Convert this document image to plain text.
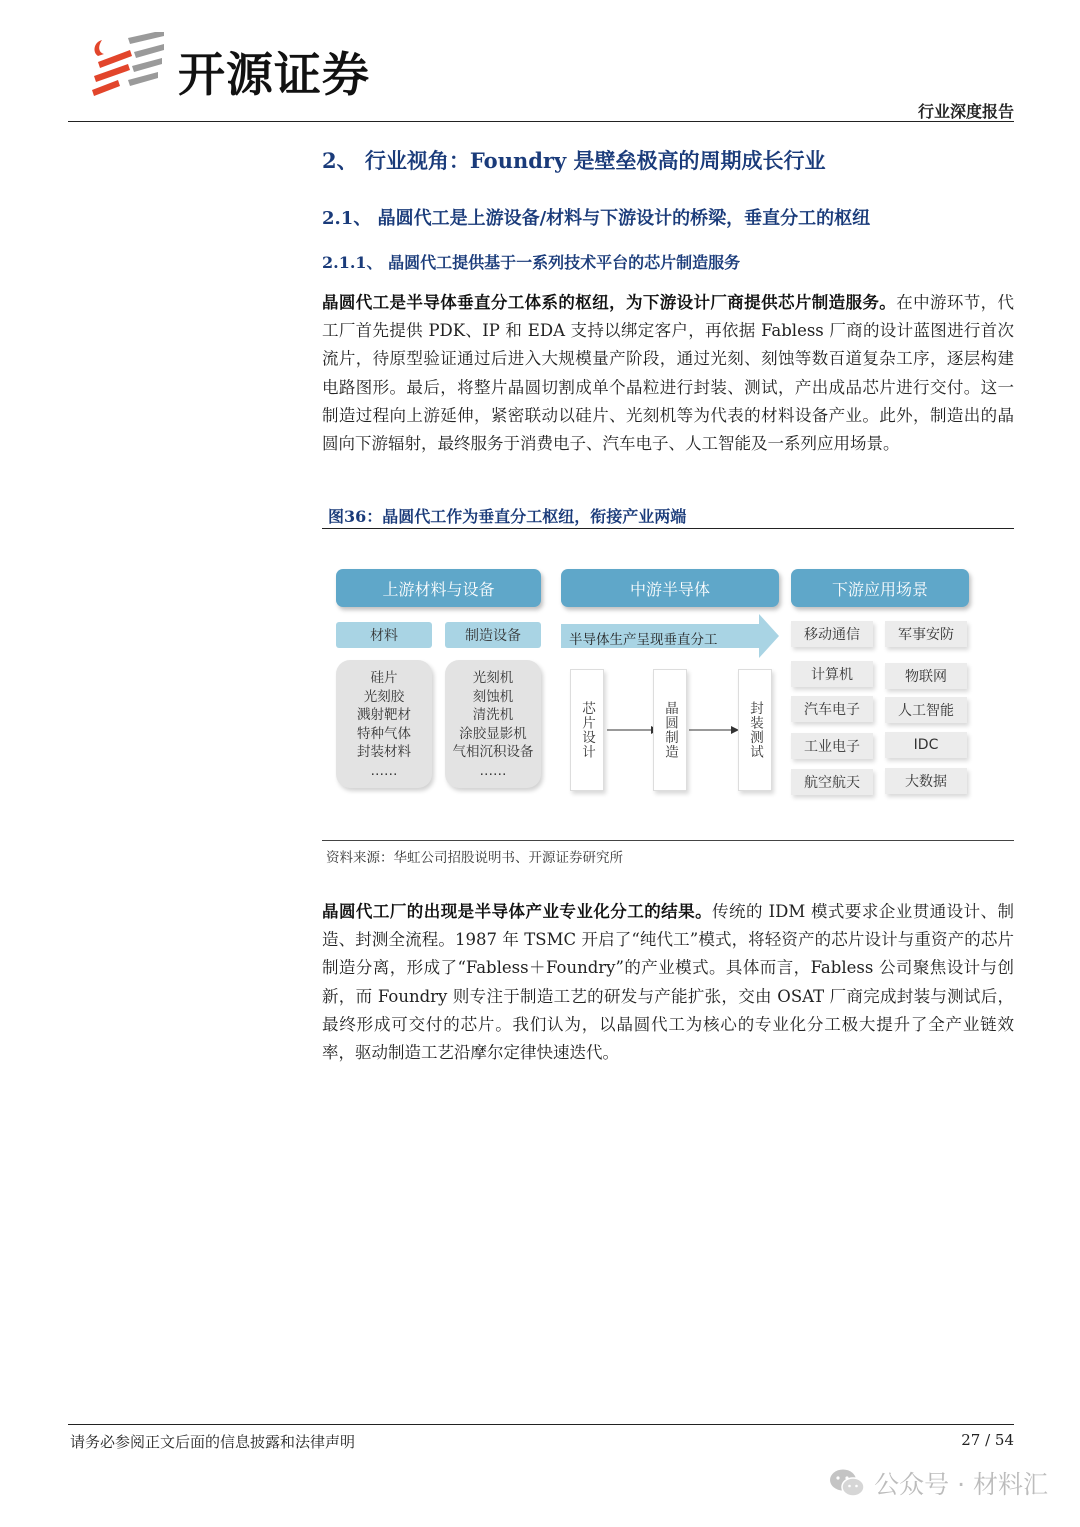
开源证券
行业深度报告
2、 行业视角：Foundry 是壁垒极高的周期成长行业
2.1、 晶圆代工是上游设备/材料与下游设计的桥梁，垂直分工的枢纽
2.1.1、 晶圆代工提供基于一系列技术平台的芯片制造服务
晶圆代工是半导体垂直分工体系的枢纽，为下游设计厂商提供芯片制造服务。在中游环节，代工厂首先提供 PDK、IP 和 EDA 支持以绑定客户，再依据 Fabless 厂商的设计蓝图进行首次流片，待原型验证通过后进入大规模量产阶段，通过光刻、刻蚀等数百道复杂工序，逐层构建电路图形。最后，将整片晶圆切割成单个晶粒进行封装、测试，产出成品芯片进行交付。这一制造过程向上游延伸，紧密联动以硅片、光刻机等为代表的材料设备产业。此外，制造出的晶圆向下游辐射，最终服务于消费电子、汽车电子、人工智能及一系列应用场景。
图36：晶圆代工作为垂直分工枢纽，衔接产业两端
上游材料与设备
材料	制造设备
硅片
光刻胶
溅射靶材
特种气体
封装材料
……
光刻机
刻蚀机
清洗机
涂胶显影机
气相沉积设备
……
中游半导体
半导体生产呈现垂直分工
芯片设计	晶圆制造	封装测试
下游应用场景
移动通信	军事安防
计算机	物联网
汽车电子	人工智能
工业电子	IDC
航空航天	大数据
资料来源：华虹公司招股说明书、开源证券研究所
晶圆代工厂的出现是半导体产业专业化分工的结果。传统的 IDM 模式要求企业贯通设计、制造、封测全流程。1987 年 TSMC 开启了“纯代工”模式，将轻资产的芯片设计与重资产的芯片制造分离，形成了“Fabless＋Foundry”的产业模式。具体而言，Fabless 公司聚焦设计与创新，而 Foundry 则专注于制造工艺的研发与产能扩张，交由 OSAT 厂商完成封装与测试后，最终形成可交付的芯片。我们认为，以晶圆代工为核心的专业化分工极大提升了全产业链效率，驱动制造工艺沿摩尔定律快速迭代。
请务必参阅正文后面的信息披露和法律声明	27 / 54
公众号 · 材料汇
